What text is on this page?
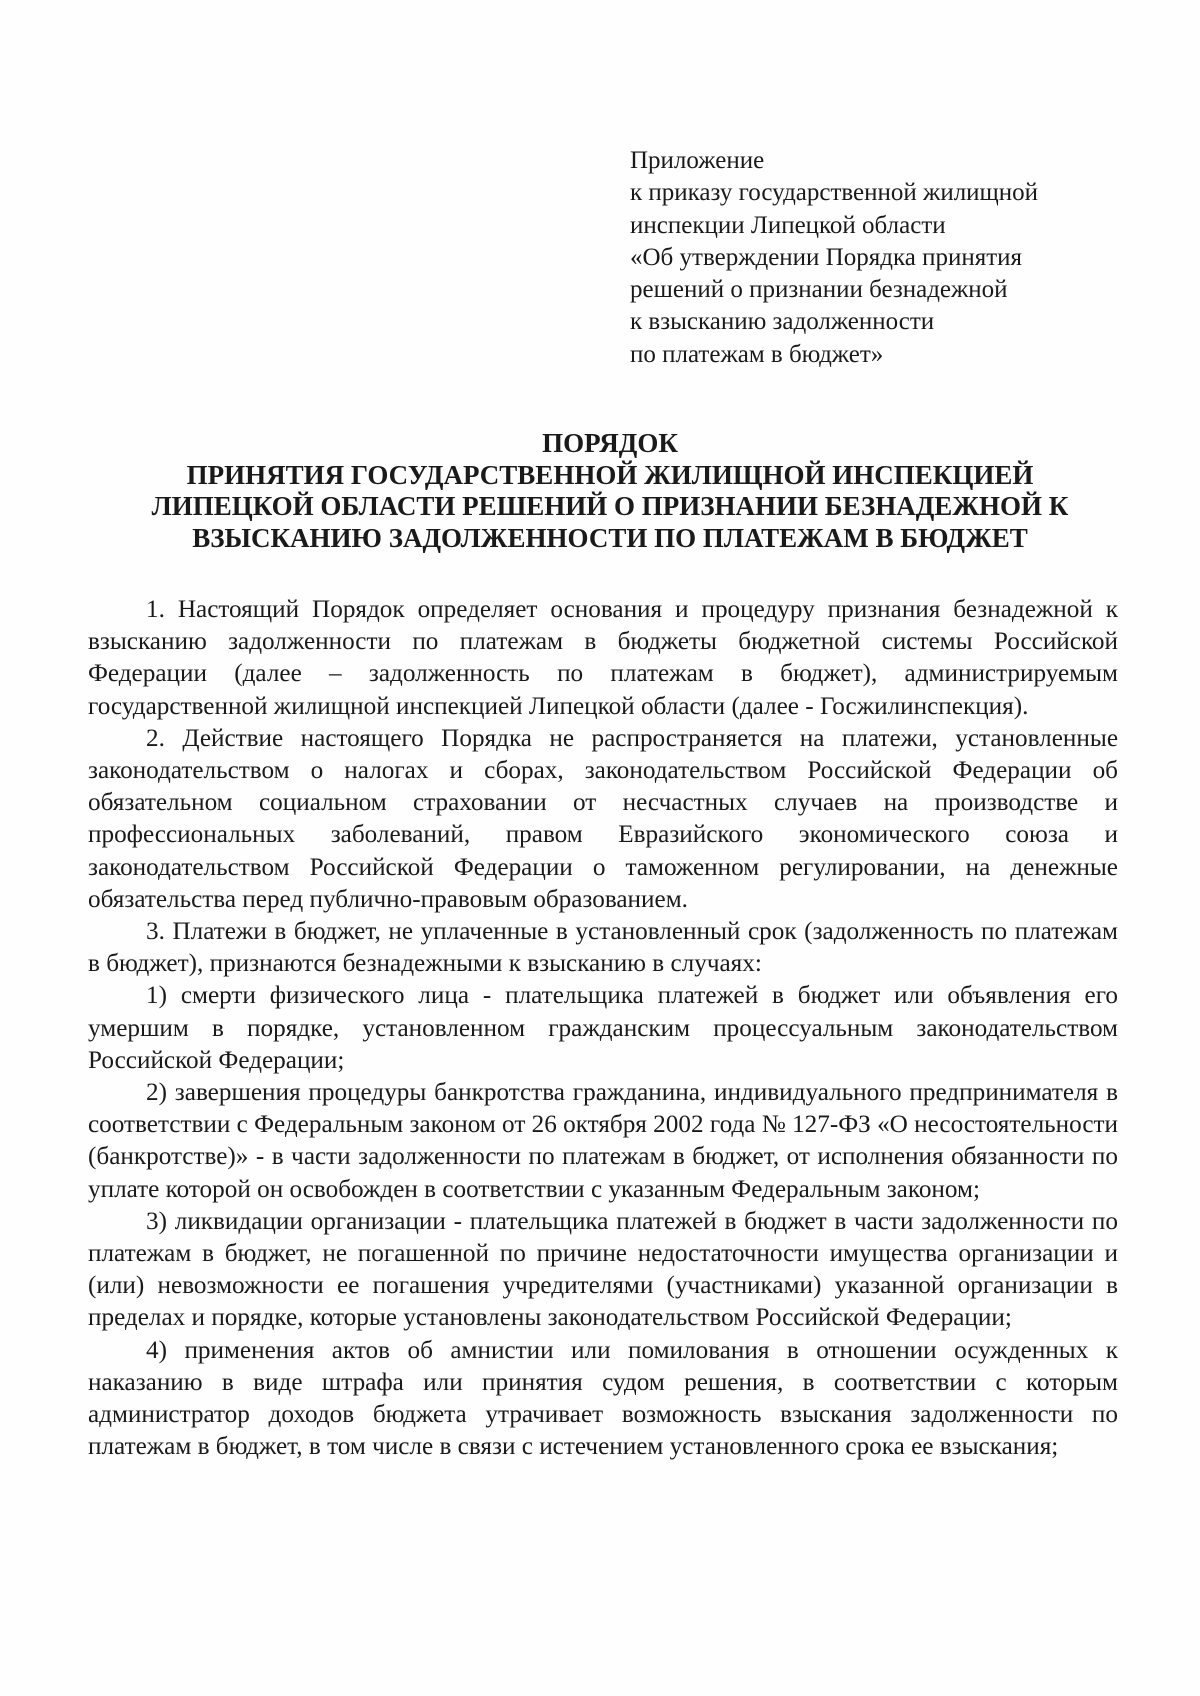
Приложение
к приказу государственной жилищной
инспекции Липецкой области
«Об утверждении Порядка принятия
решений о признании безнадежной
к взысканию задолженности
по платежам в бюджет»
ПОРЯДОК
ПРИНЯТИЯ ГОСУДАРСТВЕННОЙ ЖИЛИЩНОЙ ИНСПЕКЦИЕЙ
ЛИПЕЦКОЙ ОБЛАСТИ РЕШЕНИЙ О ПРИЗНАНИИ БЕЗНАДЕЖНОЙ К
ВЗЫСКАНИЮ ЗАДОЛЖЕННОСТИ ПО ПЛАТЕЖАМ В БЮДЖЕТ

1. Настоящий Порядок определяет основания и процедуру признания безнадежной к взысканию задолженности по платежам в бюджеты бюджетной системы Российской Федерации (далее – задолженность по платежам в бюджет), администрируемым государственной жилищной инспекцией Липецкой области (далее - Госжилинспекция).

2. Действие настоящего Порядка не распространяется на платежи, установленные законодательством о налогах и сборах, законодательством Российской Федерации об обязательном социальном страховании от несчастных случаев на производстве и профессиональных заболеваний, правом Евразийского экономического союза и законодательством Российской Федерации о таможенном регулировании, на денежные обязательства перед публично-правовым образованием.

3. Платежи в бюджет, не уплаченные в установленный срок (задолженность по платежам в бюджет), признаются безнадежными к взысканию в случаях:

1) смерти физического лица - плательщика платежей в бюджет или объявления его умершим в порядке, установленном гражданским процессуальным законодательством Российской Федерации;

2) завершения процедуры банкротства гражданина, индивидуального предпринимателя в соответствии с Федеральным законом от 26 октября 2002 года № 127-ФЗ «О несостоятельности (банкротстве)» - в части задолженности по платежам в бюджет, от исполнения обязанности по уплате которой он освобожден в соответствии с указанным Федеральным законом;

3) ликвидации организации - плательщика платежей в бюджет в части задолженности по платежам в бюджет, не погашенной по причине недостаточности имущества организации и (или) невозможности ее погашения учредителями (участниками) указанной организации в пределах и порядке, которые установлены законодательством Российской Федерации;

4) применения актов об амнистии или помилования в отношении осужденных к наказанию в виде штрафа или принятия судом решения, в соответствии с которым администратор доходов бюджета утрачивает возможность взыскания задолженности по платежам в бюджет, в том числе в связи с истечением установленного срока ее взыскания;
